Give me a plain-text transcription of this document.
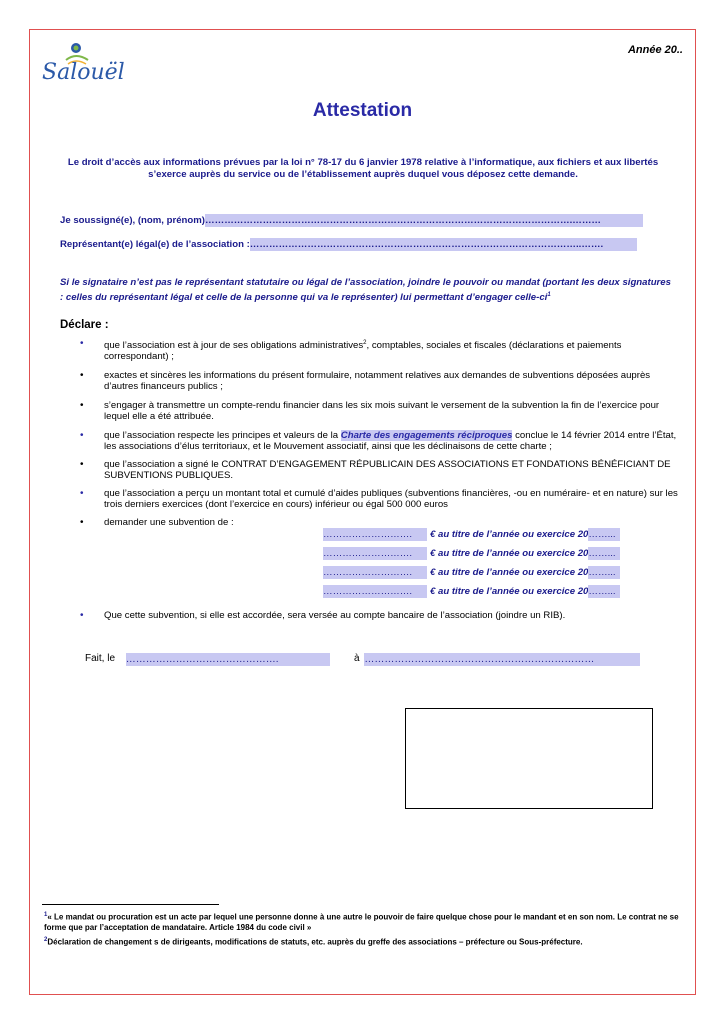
Salouël
Année 20..
Attestation
Le droit d’accès aux informations prévues par la loi n° 78-17 du 6 janvier 1978 relative à l’informatique, aux fichiers et aux libertés s’exerce auprès du service ou de l’établissement auprès duquel vous déposez cette demande.
Je soussigné(e), (nom, prénom)…………………………………………………………………………………………………….………
Représentant(e) légal(e) de l’association :…………………………………………………………………………………………..…….
Si le signataire n’est pas le représentant statutaire ou légal de l’association, joindre le pouvoir ou mandat (portant les deux signatures : celles du représentant légal et celle de la personne qui va le représenter) lui permettant d’engager celle-$ci^1$
Déclare :
• que l’association est à jour de ses obligations administratives$^2$, comptables, sociales et fiscales (déclarations et paiements correspondant) ;
• exactes et sincères les informations du présent formulaire, notamment relatives aux demandes de subventions déposées auprès d’autres financeurs publics ;
• s’engager à transmettre un compte-rendu financier dans les six mois suivant le versement de la subvention la fin de l’exercice pour lequel elle a été attribuée.
• que l’association respecte les principes et valeurs de la Charte des engagements réciproques conclue le 14 février 2014 entre l’État, les associations d’élus territoriaux, et le Mouvement associatif, ainsi que les déclinaisons de cette charte ;
• que l’association a signé le CONTRAT D’ENGAGEMENT RÉPUBLICAIN DES ASSOCIATIONS ET FONDATIONS BÉNÉFICIANT DE SUBVENTIONS PUBLIQUES.
• que l’association a perçu un montant total et cumulé d’aides publiques (subventions financières, -ou en numéraire- et en nature) sur les trois derniers exercices (dont l’exercice en cours) inférieur ou égal 500 000 euros
• demander une subvention de :
………………………. € au titre de l’année ou exercice 20……...
………………………. € au titre de l’année ou exercice 20……...
………………………. € au titre de l’année ou exercice 20……...
………………………. € au titre de l’année ou exercice 20……...
• Que cette subvention, si elle est accordée, sera versée au compte bancaire de l’association (joindre un RIB).
Fait, le ……………………………………….	à ……………………………………………………………
$^1$« Le mandat ou procuration est un acte par lequel une personne donne à une autre le pouvoir de faire quelque chose pour le mandant et en son nom. Le contrat ne se forme que par l’acceptation de mandataire. Article 1984 du code civil »
$^2$Déclaration de changement s de dirigeants, modifications de statuts, etc. auprès du greffe des associations – préfecture ou Sous-préfecture.
